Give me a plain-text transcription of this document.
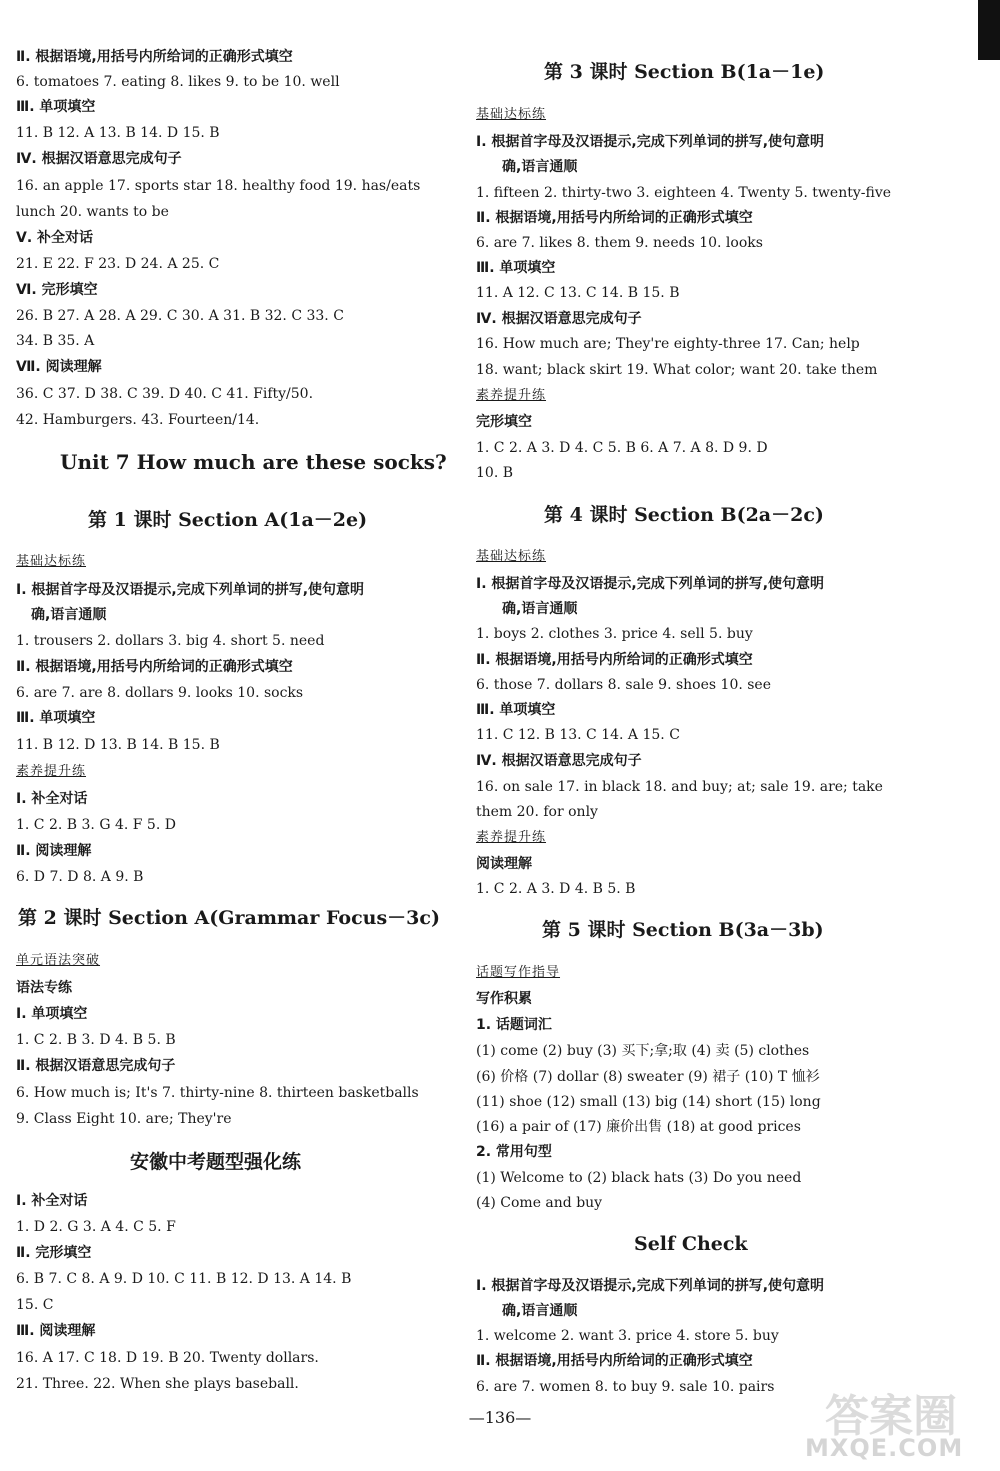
Ⅱ. 根据语境,用括号内所给词的正确形式填空
6. tomatoes 7. eating 8. likes 9. to be 10. well
Ⅲ. 单项填空
11. B 12. A 13. B 14. D 15. B
Ⅳ. 根据汉语意思完成句子
16. an apple 17. sports star 18. healthy food 19. has/eats
lunch 20. wants to be
Ⅴ. 补全对话
21. E 22. F 23. D 24. A 25. C
Ⅵ. 完形填空
26. B 27. A 28. A 29. C 30. A 31. B 32. C 33. C
34. B 35. A
Ⅶ. 阅读理解
36. C 37. D 38. C 39. D 40. C 41. Fifty/50.
42. Hamburgers. 43. Fourteen/14.
Unit 7 How much are these socks?
第 1 课时 Section A(1a－2e)
基础达标练
Ⅰ. 根据首字母及汉语提示,完成下列单词的拼写,使句意明
确,语言通顺
1. trousers 2. dollars 3. big 4. short 5. need
Ⅱ. 根据语境,用括号内所给词的正确形式填空
6. are 7. are 8. dollars 9. looks 10. socks
Ⅲ. 单项填空
11. B 12. D 13. B 14. B 15. B
素养提升练
Ⅰ. 补全对话
1. C 2. B 3. G 4. F 5. D
Ⅱ. 阅读理解
6. D 7. D 8. A 9. B
第 2 课时 Section A(Grammar Focus－3c)
单元语法突破
语法专练
Ⅰ. 单项填空
1. C 2. B 3. D 4. B 5. B
Ⅱ. 根据汉语意思完成句子
6. How much is; It's 7. thirty-nine 8. thirteen basketballs
9. Class Eight 10. are; They're
安徽中考题型强化练
Ⅰ. 补全对话
1. D 2. G 3. A 4. C 5. F
Ⅱ. 完形填空
6. B 7. C 8. A 9. D 10. C 11. B 12. D 13. A 14. B
15. C
Ⅲ. 阅读理解
16. A 17. C 18. D 19. B 20. Twenty dollars.
21. Three. 22. When she plays baseball.
第 3 课时 Section B(1a－1e)
基础达标练
Ⅰ. 根据首字母及汉语提示,完成下列单词的拼写,使句意明
确,语言通顺
1. fifteen 2. thirty-two 3. eighteen 4. Twenty 5. twenty-five
Ⅱ. 根据语境,用括号内所给词的正确形式填空
6. are 7. likes 8. them 9. needs 10. looks
Ⅲ. 单项填空
11. A 12. C 13. C 14. B 15. B
Ⅳ. 根据汉语意思完成句子
16. How much are; They're eighty-three 17. Can; help
18. want; black skirt 19. What color; want 20. take them
素养提升练
完形填空
1. C 2. A 3. D 4. C 5. B 6. A 7. A 8. D 9. D
10. B
第 4 课时 Section B(2a－2c)
基础达标练
Ⅰ. 根据首字母及汉语提示,完成下列单词的拼写,使句意明
确,语言通顺
1. boys 2. clothes 3. price 4. sell 5. buy
Ⅱ. 根据语境,用括号内所给词的正确形式填空
6. those 7. dollars 8. sale 9. shoes 10. see
Ⅲ. 单项填空
11. C 12. B 13. C 14. A 15. C
Ⅳ. 根据汉语意思完成句子
16. on sale 17. in black 18. and buy; at; sale 19. are; take
them 20. for only
素养提升练
阅读理解
1. C 2. A 3. D 4. B 5. B
第 5 课时 Section B(3a－3b)
话题写作指导
写作积累
1. 话题词汇
(1) come (2) buy (3) 买下;拿;取 (4) 卖 (5) clothes
(6) 价格 (7) dollar (8) sweater (9) 裙子 (10) T 恤衫
(11) shoe (12) small (13) big (14) short (15) long
(16) a pair of (17) 廉价出售 (18) at good prices
2. 常用句型
(1) Welcome to (2) black hats (3) Do you need
(4) Come and buy
Self Check
Ⅰ. 根据首字母及汉语提示,完成下列单词的拼写,使句意明
确,语言通顺
1. welcome 2. want 3. price 4. store 5. buy
Ⅱ. 根据语境,用括号内所给词的正确形式填空
6. are 7. women 8. to buy 9. sale 10. pairs
—136—	答案圈
MXQE.COM
